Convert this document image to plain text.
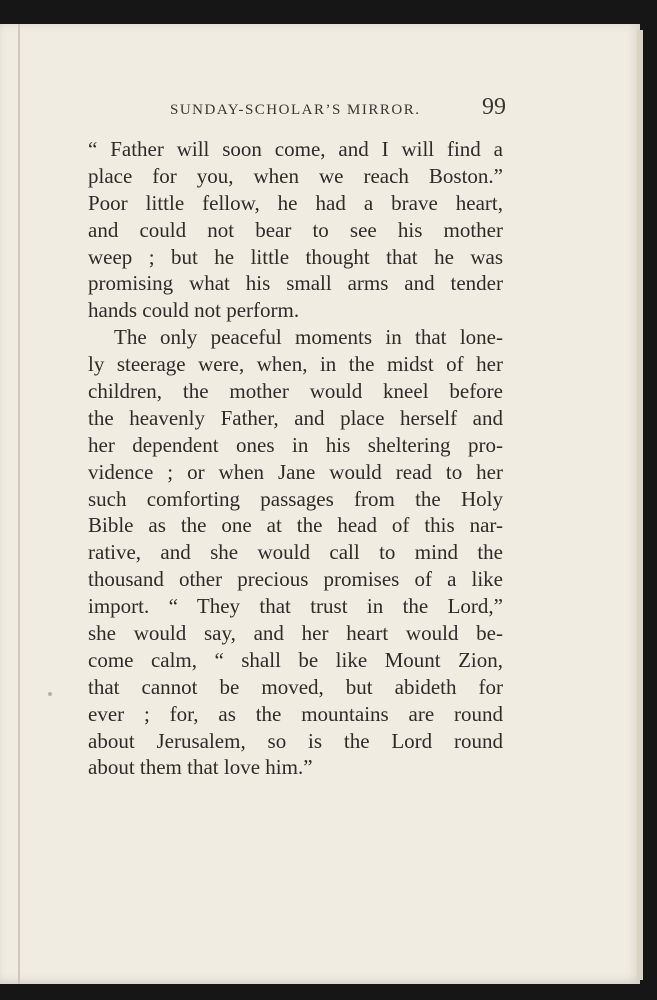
SUNDAY-SCHOLAR’S MIRROR.	99
“ Father will soon come, and I will find a
place for you, when we reach Boston.”
Poor little fellow, he had a brave heart,
and could not bear to see his mother
weep ; but he little thought that he was
promising what his small arms and tender
hands could not perform.
The only peaceful moments in that lone-
ly steerage were, when, in the midst of her
children, the mother would kneel before
the heavenly Father, and place herself and
her dependent ones in his sheltering pro-
vidence ; or when Jane would read to her
such comforting passages from the Holy
Bible as the one at the head of this nar-
rative, and she would call to mind the
thousand other precious promises of a like
import. “ They that trust in the Lord,”
she would say, and her heart would be-
come calm, “ shall be like Mount Zion,
that cannot be moved, but abideth for
ever ; for, as the mountains are round
about Jerusalem, so is the Lord round
about them that love him.”
